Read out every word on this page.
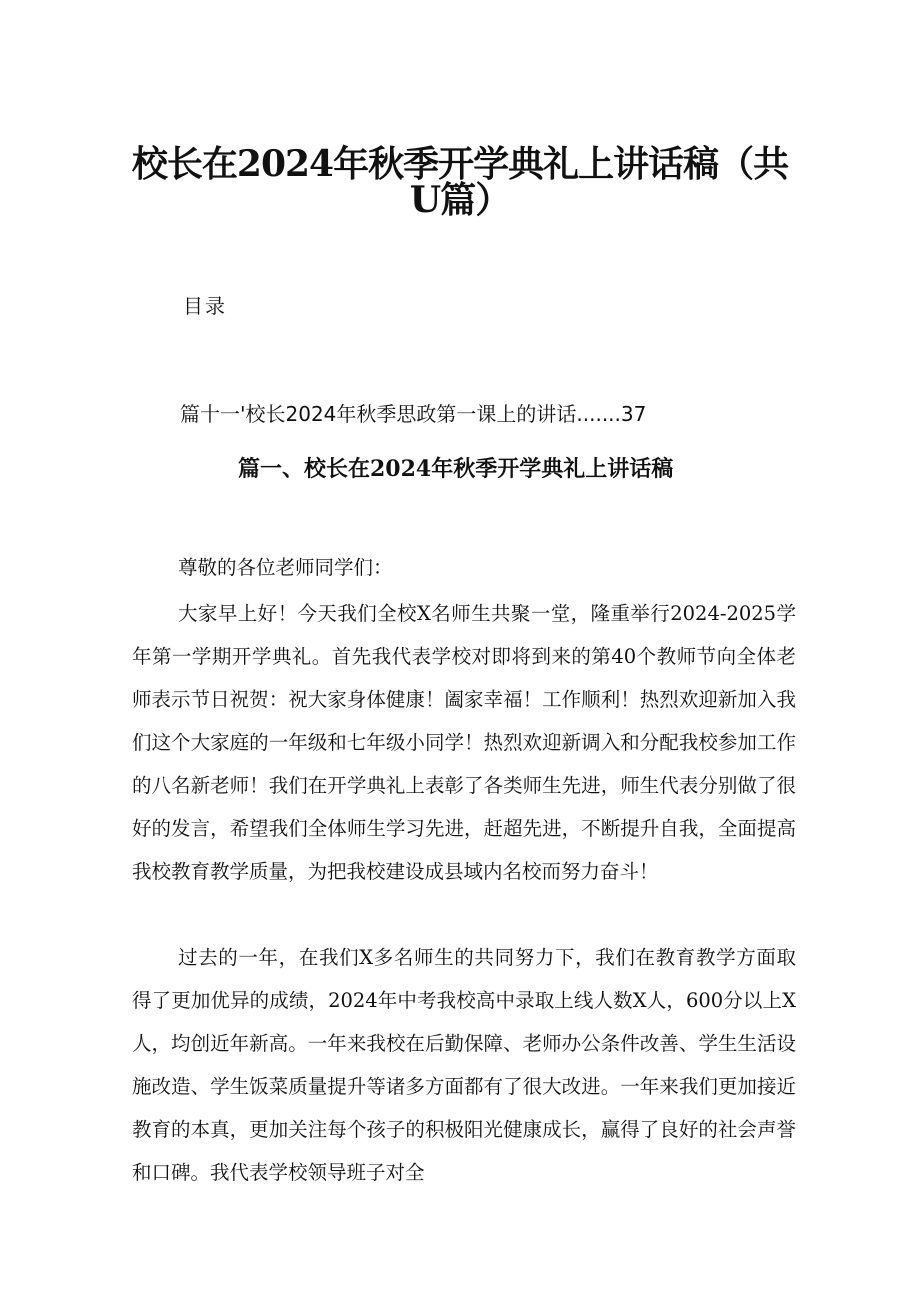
校长在2024年秋季开学典礼上讲话稿（共
U篇）
目录
篇十一'校长2024年秋季思政第一课上的讲话.......37
篇一、校长在2024年秋季开学典礼上讲话稿
尊敬的各位老师同学们：
大家早上好！今天我们全校X名师生共聚一堂，隆重举行2024-2025学年第一学期开学典礼。首先我代表学校对即将到来的第40个教师节向全体老师表示节日祝贺：祝大家身体健康！阖家幸福！工作顺利！热烈欢迎新加入我们这个大家庭的一年级和七年级小同学！热烈欢迎新调入和分配我校参加工作的八名新老师！我们在开学典礼上表彰了各类师生先进，师生代表分别做了很好的发言，希望我们全体师生学习先进，赶超先进，不断提升自我，全面提高我校教育教学质量，为把我校建设成县域内名校而努力奋斗！
过去的一年，在我们X多名师生的共同努力下，我们在教育教学方面取得了更加优异的成绩，2024年中考我校高中录取上线人数X人，600分以上X人，均创近年新高。一年来我校在后勤保障、老师办公条件改善、学生生活设施改造、学生饭菜质量提升等诸多方面都有了很大改进。一年来我们更加接近教育的本真，更加关注每个孩子的积极阳光健康成长，赢得了良好的社会声誉和口碑。我代表学校领导班子对全
